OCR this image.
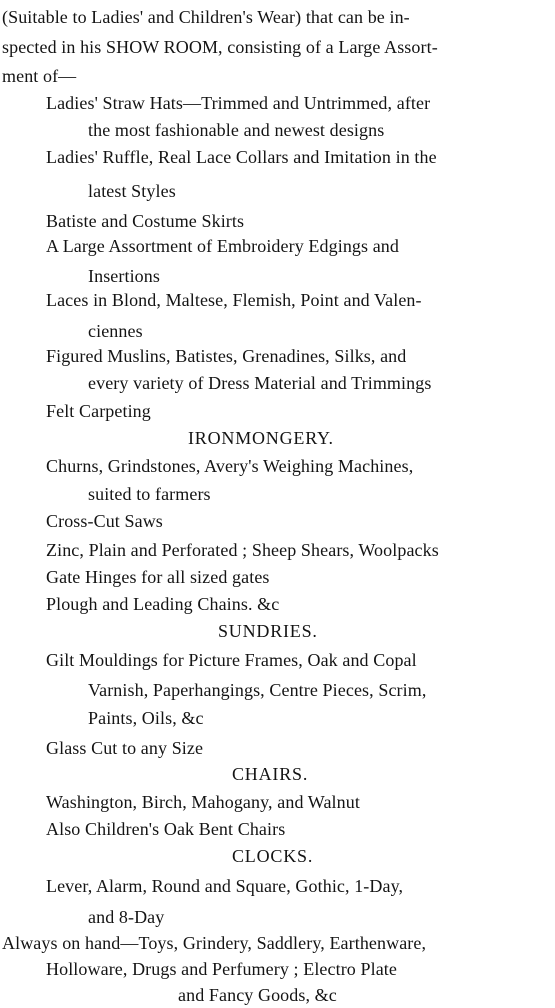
(Suitable to Ladies' and Children's Wear) that can be in-
spected in his SHOW ROOM, consisting of a Large Assort-
ment of—
Ladies' Straw Hats—Trimmed and Untrimmed, after
the most fashionable and newest designs
Ladies' Ruffle, Real Lace Collars and Imitation in the
latest Styles
Batiste and Costume Skirts
A Large Assortment of Embroidery Edgings and
Insertions
Laces in Blond, Maltese, Flemish, Point and Valen-
ciennes
Figured Muslins, Batistes, Grenadines, Silks, and
every variety of Dress Material and Trimmings
Felt Carpeting
IRONMONGERY.
Churns, Grindstones, Avery's Weighing Machines,
suited to farmers
Cross-Cut Saws
Zinc, Plain and Perforated ; Sheep Shears, Woolpacks
Gate Hinges for all sized gates
Plough and Leading Chains. &c
SUNDRIES.
Gilt Mouldings for Picture Frames, Oak and Copal
Varnish, Paperhangings, Centre Pieces, Scrim,
Paints, Oils, &c
Glass Cut to any Size
CHAIRS.
Washington, Birch, Mahogany, and Walnut
Also Children's Oak Bent Chairs
CLOCKS.
Lever, Alarm, Round and Square, Gothic, 1-Day,
and 8-Day
Always on hand—Toys, Grindery, Saddlery, Earthenware,
Holloware, Drugs and Perfumery ; Electro Plate
and Fancy Goods, &c
